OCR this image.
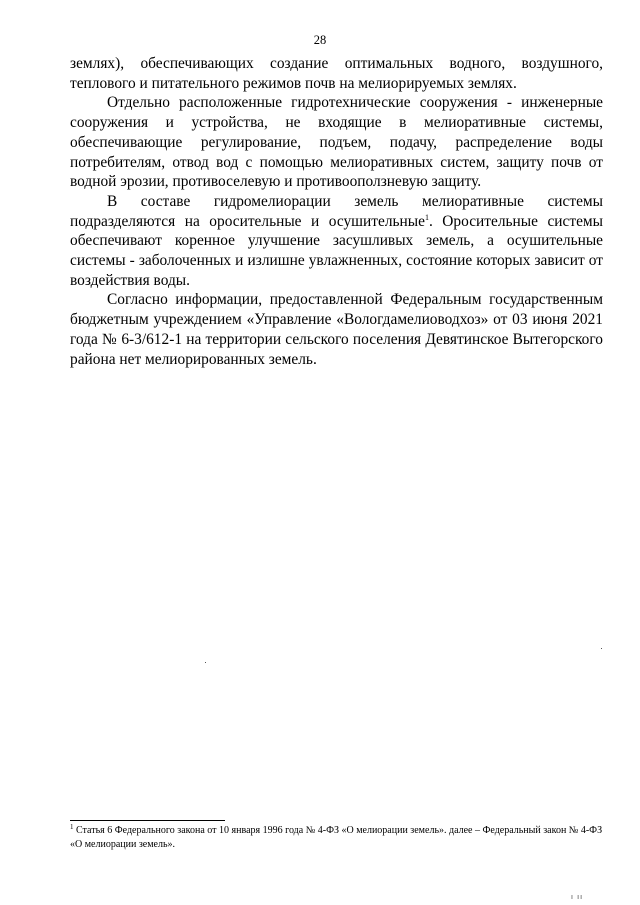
28

землях), обеспечивающих создание оптимальных водного, воздушного, теплового и питательного режимов почв на мелиорируемых землях.

Отдельно расположенные гидротехнические сооружения - инженерные сооружения и устройства, не входящие в мелиоративные системы, обеспечивающие регулирование, подъем, подачу, распределение воды потребителям, отвод вод с помощью мелиоративных систем, защиту почв от водной эрозии, противоселевую и противооползневую защиту.

В составе гидромелиорации земель мелиоративные системы подразделяются на оросительные и осушительные$^1$. Оросительные системы обеспечивают коренное улучшение засушливых земель, а осушительные системы - заболоченных и излишне увлажненных, состояние которых зависит от воздействия воды.

Согласно информации, предоставленной Федеральным государственным бюджетным учреждением «Управление «Вологдамелиоводхоз» от 03 июня 2021 года № 6-3/612-1 на территории сельского поселения Девятинское Вытегорского района нет мелиорированных земель.

$^1$ Статья 6 Федерального закона от 10 января 1996 года № 4-ФЗ «О мелиорации земель». далее – Федеральный закон № 4-ФЗ «О мелиорации земель».
ı ıı
